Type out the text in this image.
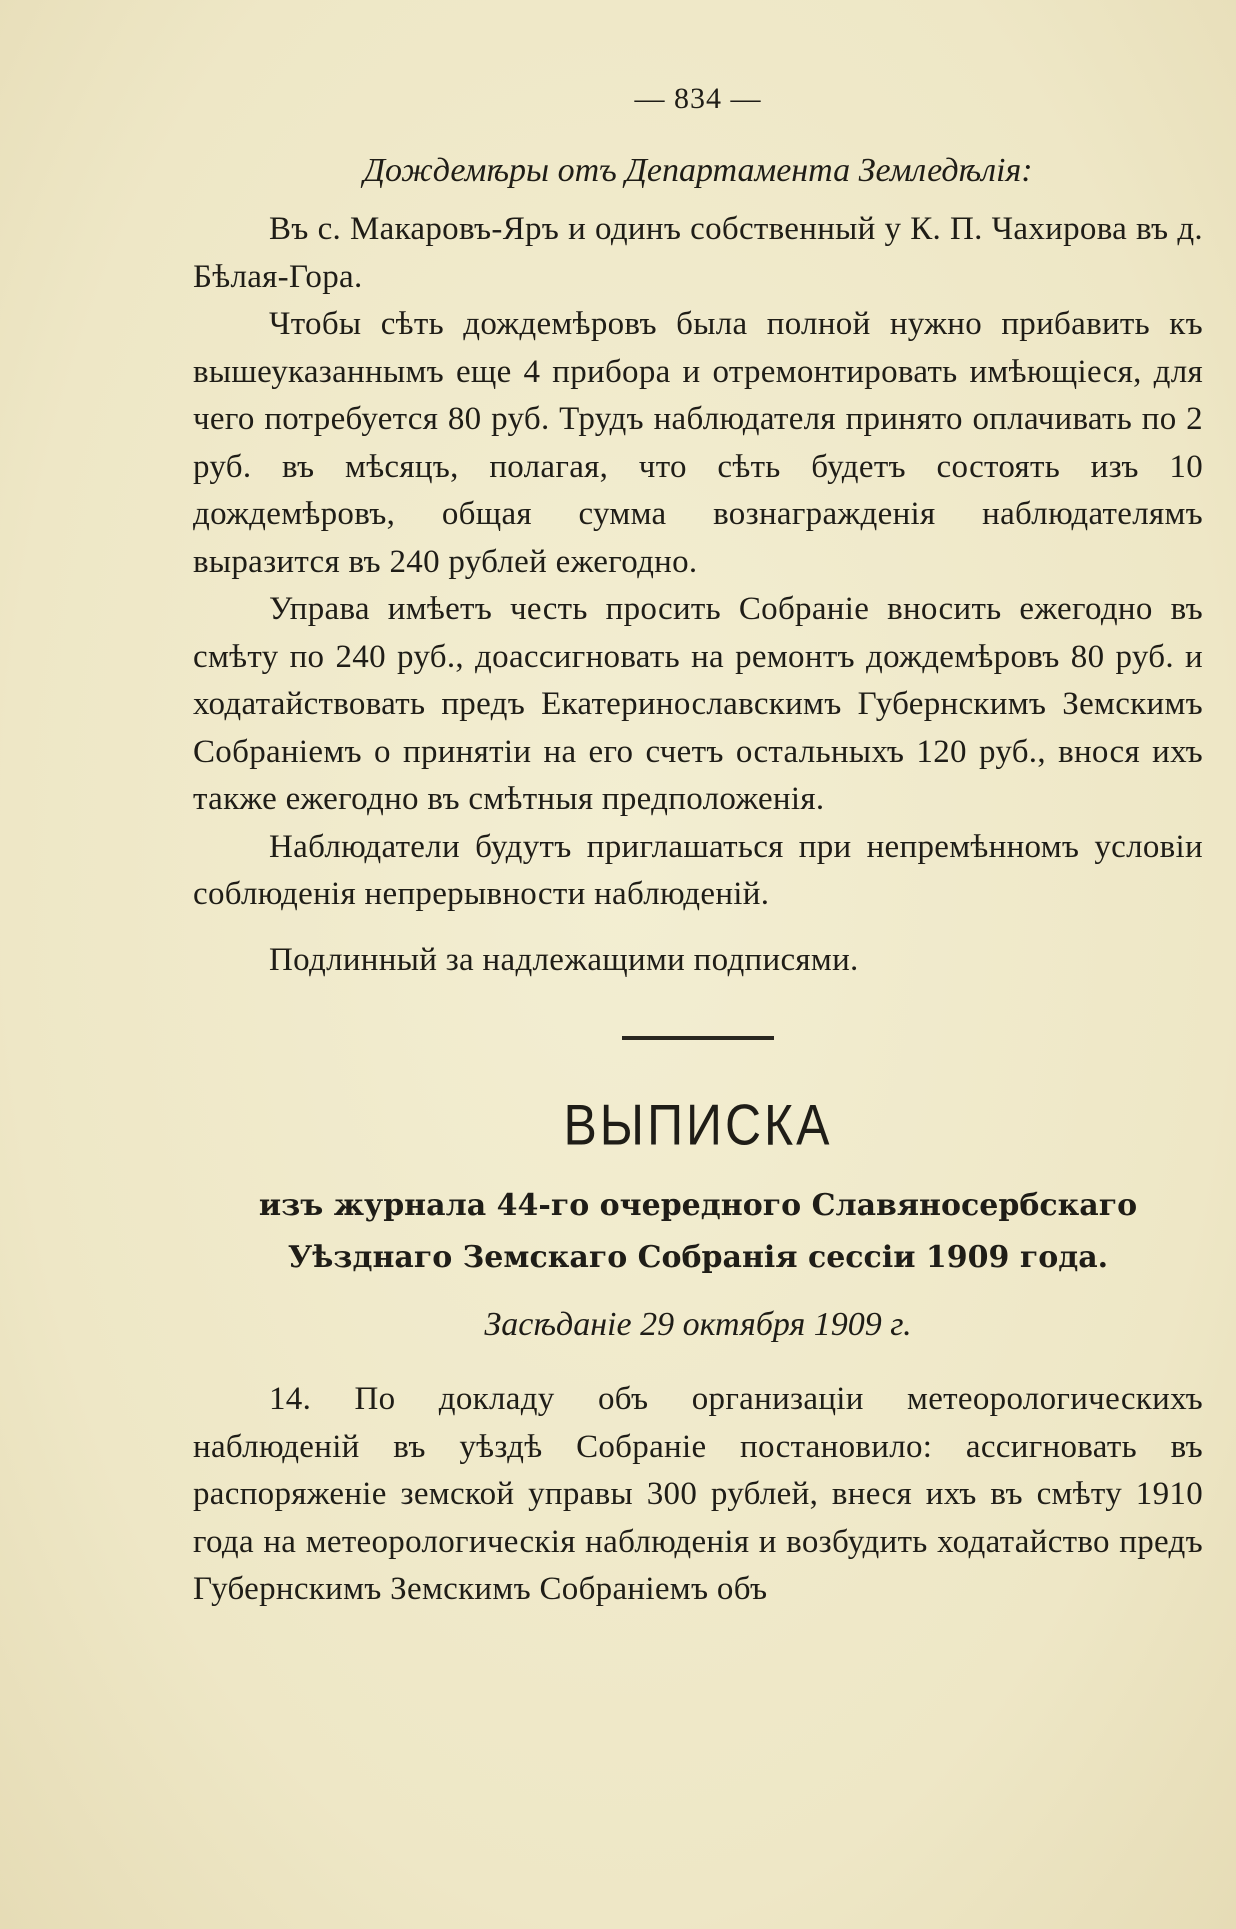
— 834 —
Дождемѣры отъ Департамента Земледѣлія:

Въ с. Макаровъ-Яръ и одинъ собственный у К. П. Чахирова въ д. Бѣлая-Гора.

Чтобы сѣть дождемѣровъ была полной нужно прибавить къ вышеуказаннымъ еще 4 прибора и отремонтировать имѣющіеся, для чего потребуется 80 руб. Трудъ наблюдателя принято оплачивать по 2 руб. въ мѣсяцъ, полагая, что сѣть будетъ состоять изъ 10 дождемѣровъ, общая сумма вознагражденія наблюдателямъ выразится въ 240 рублей ежегодно.

Управа имѣетъ честь просить Собраніе вносить ежегодно въ смѣту по 240 руб., доассигновать на ремонтъ дождемѣровъ 80 руб. и ходатайствовать предъ Екатеринославскимъ Губернскимъ Земскимъ Собраніемъ о принятіи на его счетъ остальныхъ 120 руб., внося ихъ также ежегодно въ смѣтныя предположенія.

Наблюдатели будутъ приглашаться при непремѣнномъ условіи соблюденія непрерывности наблюденій.

Подлинный за надлежащими подписями.

ВЫПИСКА
изъ журнала 44-го очередного Славяносербскаго Уѣзднаго Земскаго Собранія сессіи 1909 года.
Засѣданіе 29 октября 1909 г.

14. По докладу объ организаціи метеорологическихъ наблюденій въ уѣздѣ Собраніе постановило: ассигновать въ распоряженіе земской управы 300 рублей, внеся ихъ въ смѣту 1910 года на метеорологическія наблюденія и возбудить ходатайство предъ Губернскимъ Земскимъ Собраніемъ объ
